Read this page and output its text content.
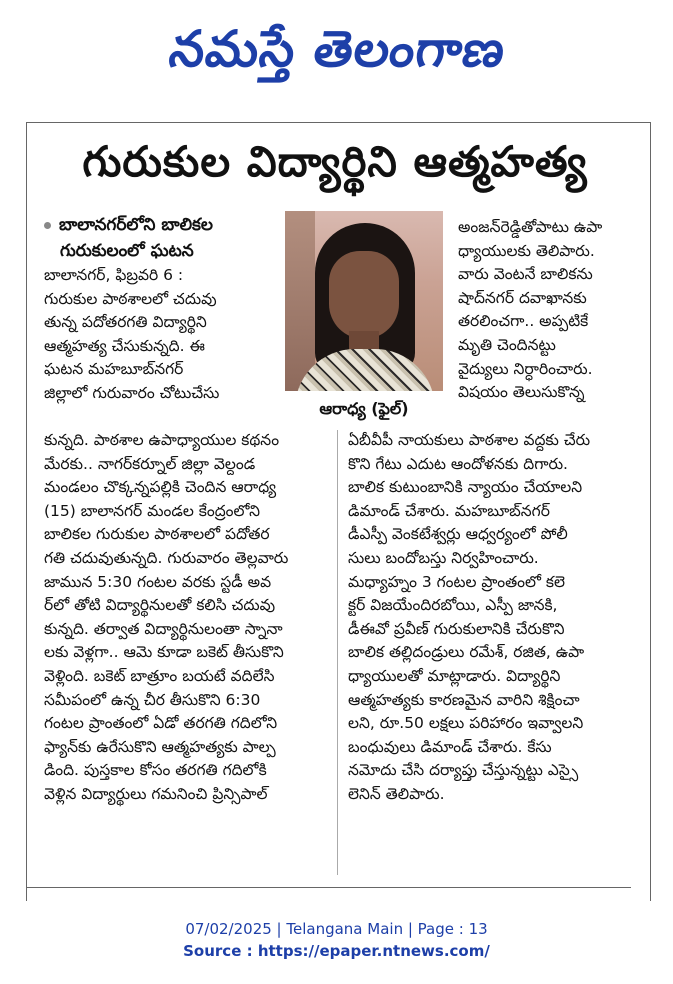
నమస్తే తెలంగాణ
గురుకుల విద్యార్థిని ఆత్మహత్య
బాలానగర్‌లోని బాలికల
గురుకులంలో ఘటన
బాలానగర్, ఫిబ్రవరి 6 :
గురుకుల పాఠశాలలో చదువు
తున్న పదోతరగతి విద్యార్థిని
ఆత్మహత్య చేసుకున్నది. ఈ
ఘటన మహబూబ్‌నగర్
జిల్లాలో గురువారం చోటుచేసు
ఆరాధ్య (ఫైల్)
అంజన్‌రెడ్డితోపాటు ఉపా
ధ్యాయులకు తెలిపారు.
వారు వెంటనే బాలికను
షాద్‌నగర్ దవాఖానకు
తరలించగా.. అప్పటికే
మృతి చెందినట్టు
వైద్యులు నిర్ధారించారు.
విషయం తెలుసుకొన్న
కున్నది. పాఠశాల ఉపాధ్యాయుల కథనం
మేరకు.. నాగర్‌కర్నూల్ జిల్లా వెల్దండ
మండలం చొక్కన్నపల్లికి చెందిన ఆరాధ్య
(15) బాలానగర్ మండల కేంద్రంలోని
బాలికల గురుకుల పాఠశాలలో పదోతర
గతి చదువుతున్నది. గురువారం తెల్లవారు
జామున 5:30 గంటల వరకు స్టడీ అవ
ర్‌లో తోటి విద్యార్థినులతో కలిసి చదువు
కున్నది. తర్వాత విద్యార్థినులంతా స్నానా
లకు వెళ్లగా.. ఆమె కూడా బకెట్ తీసుకొని
వెళ్లింది. బకెట్ బాత్రూం బయటే వదిలేసి
సమీపంలో ఉన్న చీర తీసుకొని 6:30
గంటల ప్రాంతంలో ఏడో తరగతి గదిలోని
ఫ్యాన్‌కు ఉరేసుకొని ఆత్మహత్యకు పాల్ప
డింది. పుస్తకాల కోసం తరగతి గదిలోకి
వెళ్లిన విద్యార్థులు గమనించి ప్రిన్సిపాల్
ఏబీవీపీ నాయకులు పాఠశాల వద్దకు చేరు
కొని గేటు ఎదుట ఆందోళనకు దిగారు.
బాలిక కుటుంబానికి న్యాయం చేయాలని
డిమాండ్ చేశారు. మహబూబ్‌నగర్
డీఎస్పీ వెంకటేశ్వర్లు ఆధ్వర్యంలో పోలీ
సులు బందోబస్తు నిర్వహించారు.
మధ్యాహ్నం 3 గంటల ప్రాంతంలో కలె
క్టర్ విజయేందిరబోయి, ఎస్పీ జానకి,
డీఈవో ప్రవీణ్ గురుకులానికి చేరుకొని
బాలిక తల్లిదండ్రులు రమేశ్, రజిత, ఉపా
ధ్యాయులతో మాట్లాడారు. విద్యార్థిని
ఆత్మహత్యకు కారణమైన వారిని శిక్షించా
లని, రూ.50 లక్షలు పరిహారం ఇవ్వాలని
బంధువులు డిమాండ్ చేశారు. కేసు
నమోదు చేసి దర్యాప్తు చేస్తున్నట్టు ఎస్సై
లెనిన్ తెలిపారు.
07/02/2025 | Telangana Main | Page : 13
Source : https://epaper.ntnews.com/
